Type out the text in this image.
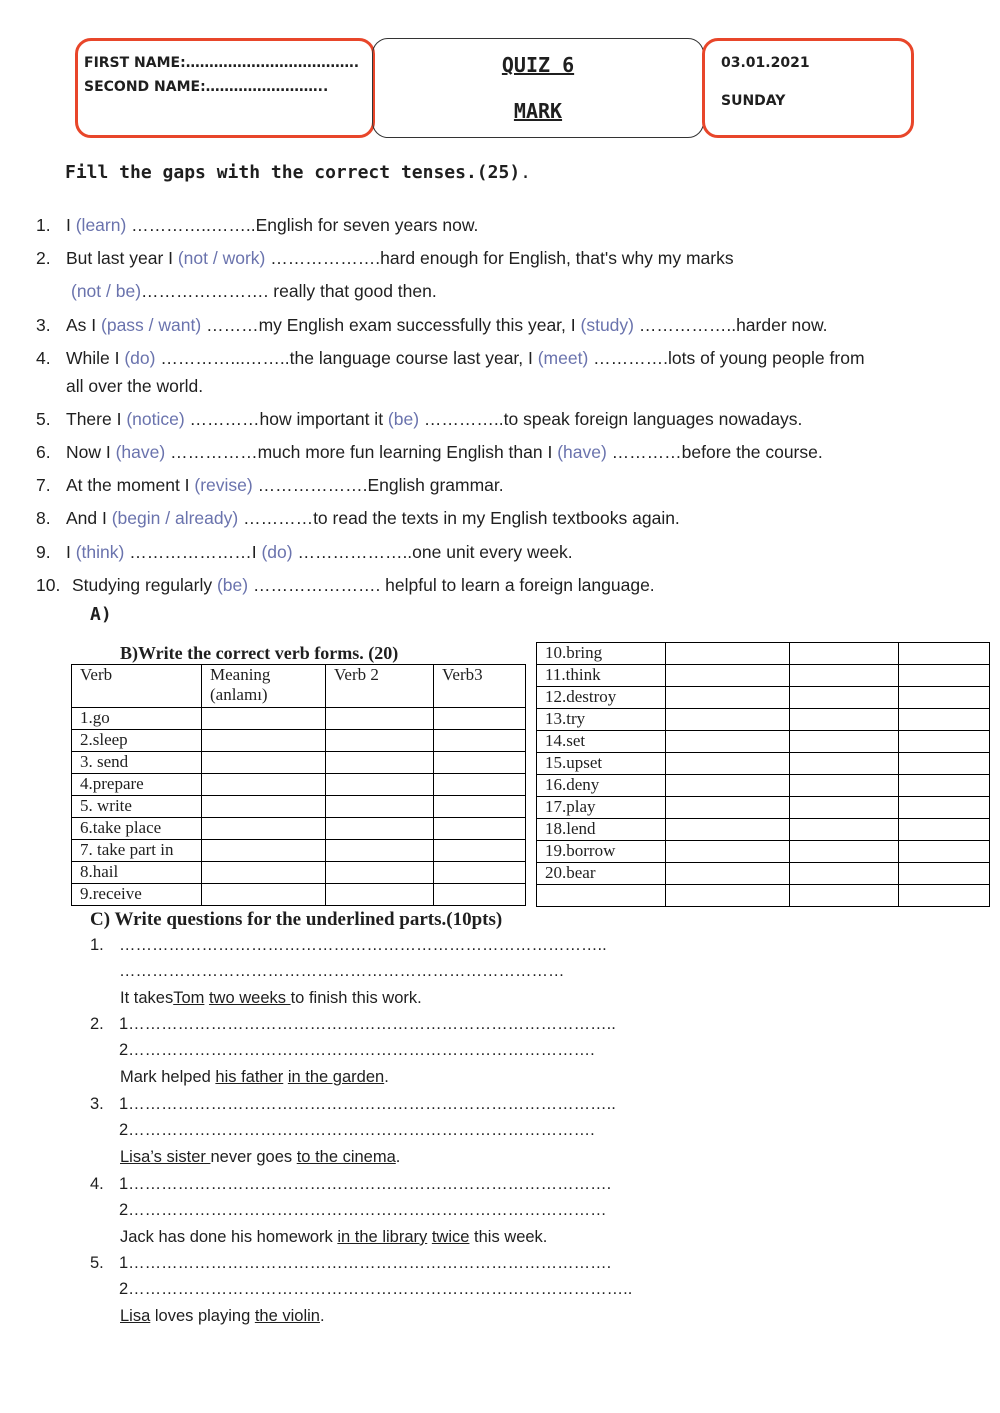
FIRST NAME:……………………………….
SECOND NAME:……………………..
QUIZ 6
MARK
03.01.2021
SUNDAY
Fill the gaps with the correct tenses.(25).
1. I (learn) …………..……..English for seven years now.
2. But last year I (not / work) ……………….hard enough for English, that's why my marks
(not / be)…………………. really that good then.
3. As I (pass / want) ………my English exam successfully this year, I (study) ……………..harder now.
4. While I (do) …………...……..the language course last year, I (meet) ………….lots of young people from
all over the world.
5. There I (notice) …………how important it (be) …………..to speak foreign languages nowadays.
6. Now I (have) ……………much more fun learning English than I (have) …………before the course.
7. At the moment I (revise) ……………….English grammar.
8. And I (begin / already) …………to read the texts in my English textbooks again.
9. I (think) …………………I (do) ………………..one unit every week.
10. Studying regularly (be) …………………. helpful to learn a foreign language.
A)
B)Write the correct verb forms. (20)
Verb	Meaning (anlamı)	Verb 2	Verb3
1.go			
2.sleep			
3. send			
4.prepare			
5. write			
6.take place			
7. take part in			
8.hail			
9.receive			
10.bring			
11.think			
12.destroy			
13.try			
14.set			
15.upset			
16.deny			
17.play			
18.lend			
19.borrow			
20.bear			

C) Write questions for the underlined parts.(10pts)
1. ……………………………………………………………………………..
………………………………………………………………………
It takesTom two weeks to finish this work.
2. 1……………………………………………………………………………..
2………………………………………………………………………….
Mark helped his father in the garden.
3. 1……………………………………………………………………………..
2………………………………………………………………………….
Lisa’s sister never goes to the cinema.
4. 1…………………………………………………………………………….
2……………………………………………………………………………
Jack has done his homework in the library twice this week.
5. 1…………………………………………………………………………….
2………………………………………………………………………………..
Lisa loves playing the violin.
